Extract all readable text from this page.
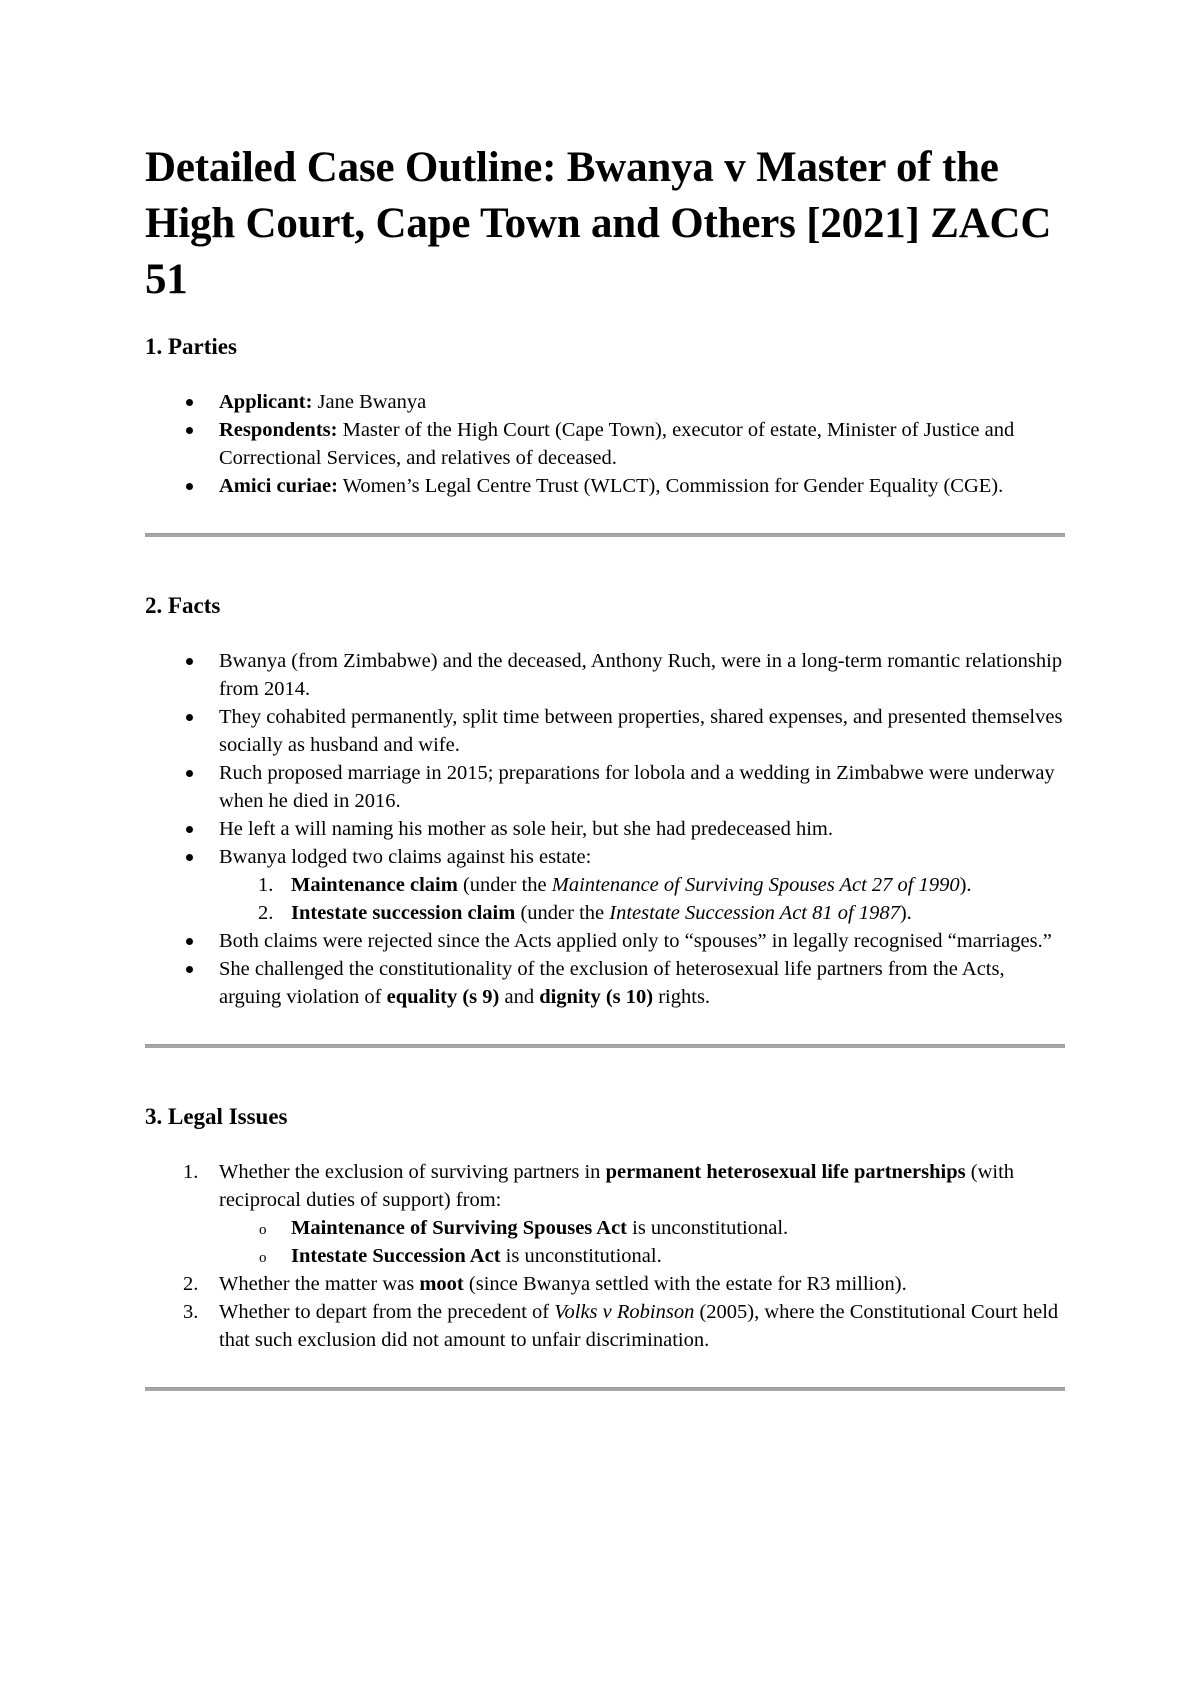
Detailed Case Outline: Bwanya v Master of the High Court, Cape Town and Others [2021] ZACC 51
1. Parties
Applicant: Jane Bwanya
Respondents: Master of the High Court (Cape Town), executor of estate, Minister of Justice and Correctional Services, and relatives of deceased.
Amici curiae: Women’s Legal Centre Trust (WLCT), Commission for Gender Equality (CGE).
2. Facts
Bwanya (from Zimbabwe) and the deceased, Anthony Ruch, were in a long-term romantic relationship from 2014.
They cohabited permanently, split time between properties, shared expenses, and presented themselves socially as husband and wife.
Ruch proposed marriage in 2015; preparations for lobola and a wedding in Zimbabwe were underway when he died in 2016.
He left a will naming his mother as sole heir, but she had predeceased him.
Bwanya lodged two claims against his estate:
1. Maintenance claim (under the Maintenance of Surviving Spouses Act 27 of 1990).
2. Intestate succession claim (under the Intestate Succession Act 81 of 1987).
Both claims were rejected since the Acts applied only to “spouses” in legally recognised “marriages.”
She challenged the constitutionality of the exclusion of heterosexual life partners from the Acts, arguing violation of equality (s 9) and dignity (s 10) rights.
3. Legal Issues
1. Whether the exclusion of surviving partners in permanent heterosexual life partnerships (with reciprocal duties of support) from:
o Maintenance of Surviving Spouses Act is unconstitutional.
o Intestate Succession Act is unconstitutional.
2. Whether the matter was moot (since Bwanya settled with the estate for R3 million).
3. Whether to depart from the precedent of Volks v Robinson (2005), where the Constitutional Court held that such exclusion did not amount to unfair discrimination.
